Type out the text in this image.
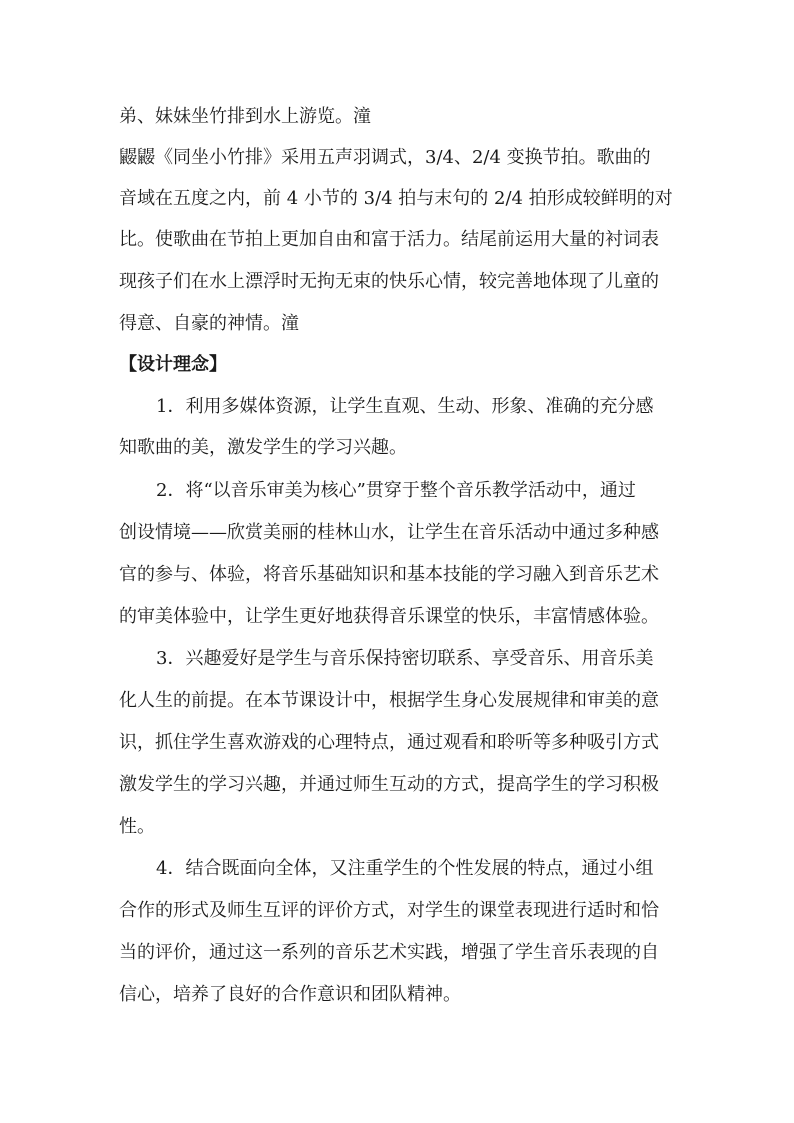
弟、妹妹坐竹排到水上游览。潼
鼹鼹《同坐小竹排》采用五声羽调式，3/4、2/4 变换节拍。歌曲的
音域在五度之内，前 4 小节的 3/4 拍与末句的 2/4 拍形成较鲜明的对
比。使歌曲在节拍上更加自由和富于活力。结尾前运用大量的衬词表
现孩子们在水上漂浮时无拘无束的快乐心情，较完善地体现了儿童的
得意、自豪的神情。潼
【设计理念】
1．利用多媒体资源，让学生直观、生动、形象、准确的充分感
知歌曲的美，激发学生的学习兴趣。
2．将“以音乐审美为核心”贯穿于整个音乐教学活动中，通过
创设情境——欣赏美丽的桂林山水，让学生在音乐活动中通过多种感
官的参与、体验，将音乐基础知识和基本技能的学习融入到音乐艺术
的审美体验中，让学生更好地获得音乐课堂的快乐，丰富情感体验。
3．兴趣爱好是学生与音乐保持密切联系、享受音乐、用音乐美
化人生的前提。在本节课设计中，根据学生身心发展规律和审美的意
识，抓住学生喜欢游戏的心理特点，通过观看和聆听等多种吸引方式
激发学生的学习兴趣，并通过师生互动的方式，提高学生的学习积极
性。
4．结合既面向全体，又注重学生的个性发展的特点，通过小组
合作的形式及师生互评的评价方式，对学生的课堂表现进行适时和恰
当的评价，通过这一系列的音乐艺术实践，增强了学生音乐表现的自
信心，培养了良好的合作意识和团队精神。
